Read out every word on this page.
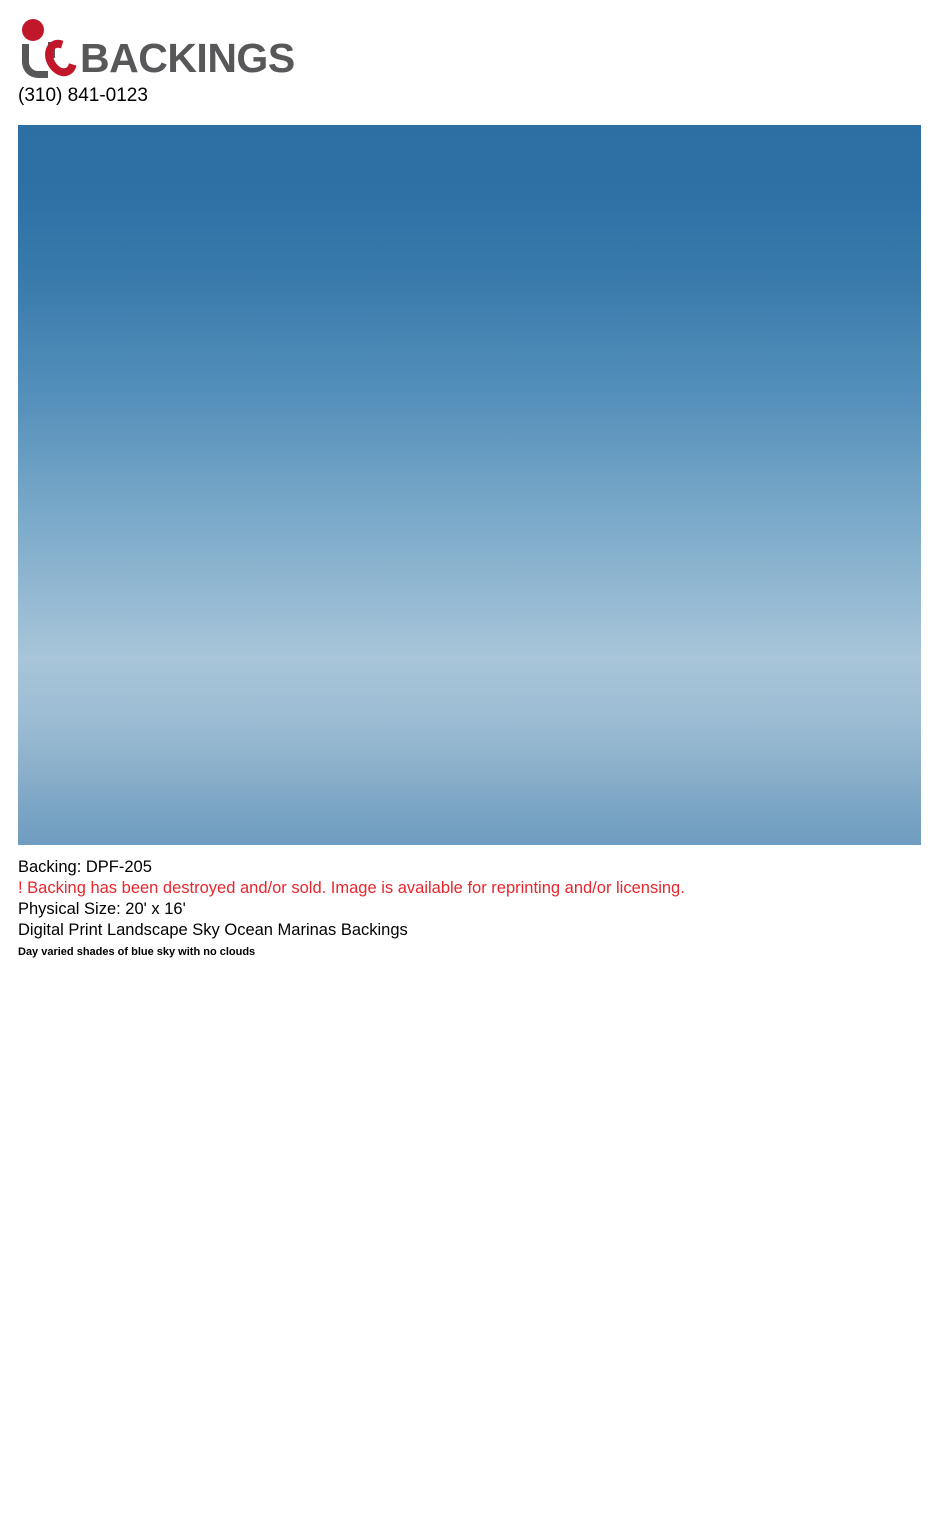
BACKINGS
(310) 841-0123
Backing: DPF-205
! Backing has been destroyed and/or sold. Image is available for reprinting and/or licensing.
Physical Size: 20' x 16'
Digital Print Landscape Sky Ocean Marinas Backings
Day varied shades of blue sky with no clouds
